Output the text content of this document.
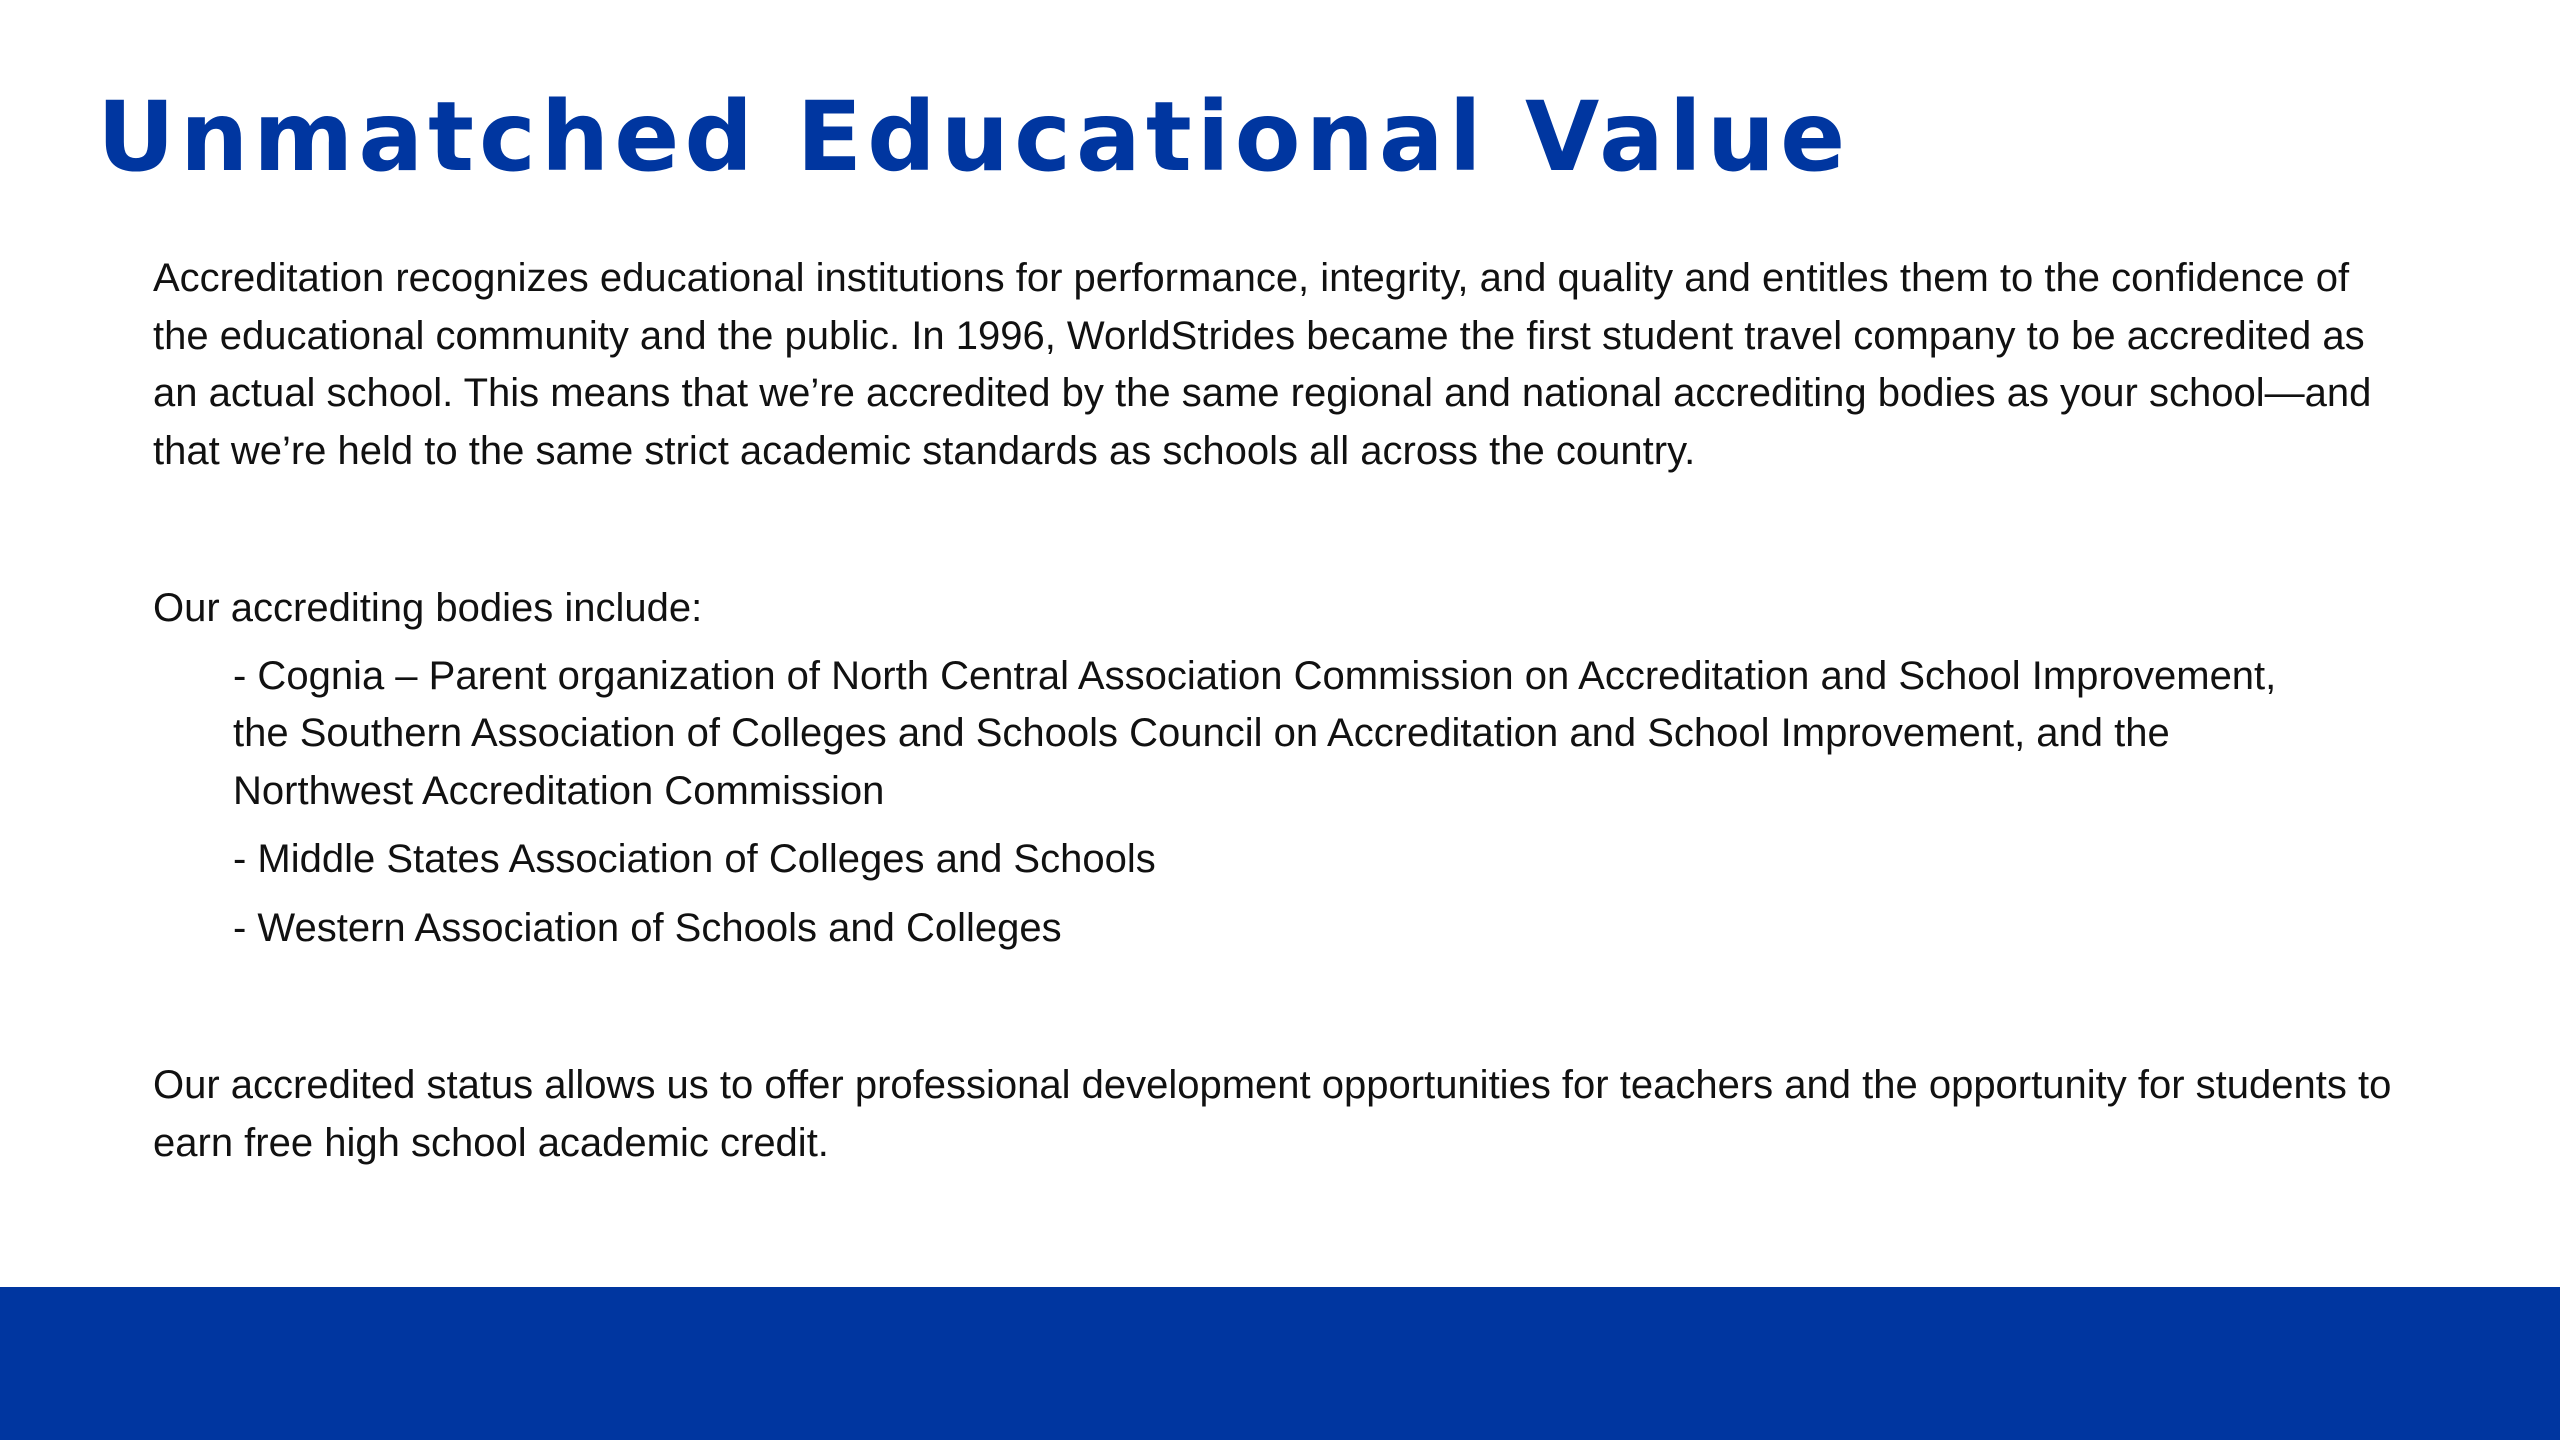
Unmatched Educational Value

Accreditation recognizes educational institutions for performance, integrity, and quality and entitles them to the confidence of the educational community and the public. In 1996, WorldStrides became the first student travel company to be accredited as an actual school. This means that we’re accredited by the same regional and national accrediting bodies as your school—and that we’re held to the same strict academic standards as schools all across the country.

Our accrediting bodies include:

- Cognia – Parent organization of North Central Association Commission on Accreditation and School Improvement, the Southern Association of Colleges and Schools Council on Accreditation and School Improvement, and the Northwest Accreditation Commission
- Middle States Association of Colleges and Schools
- Western Association of Schools and Colleges

Our accredited status allows us to offer professional development opportunities for teachers and the opportunity for students to earn free high school academic credit.
